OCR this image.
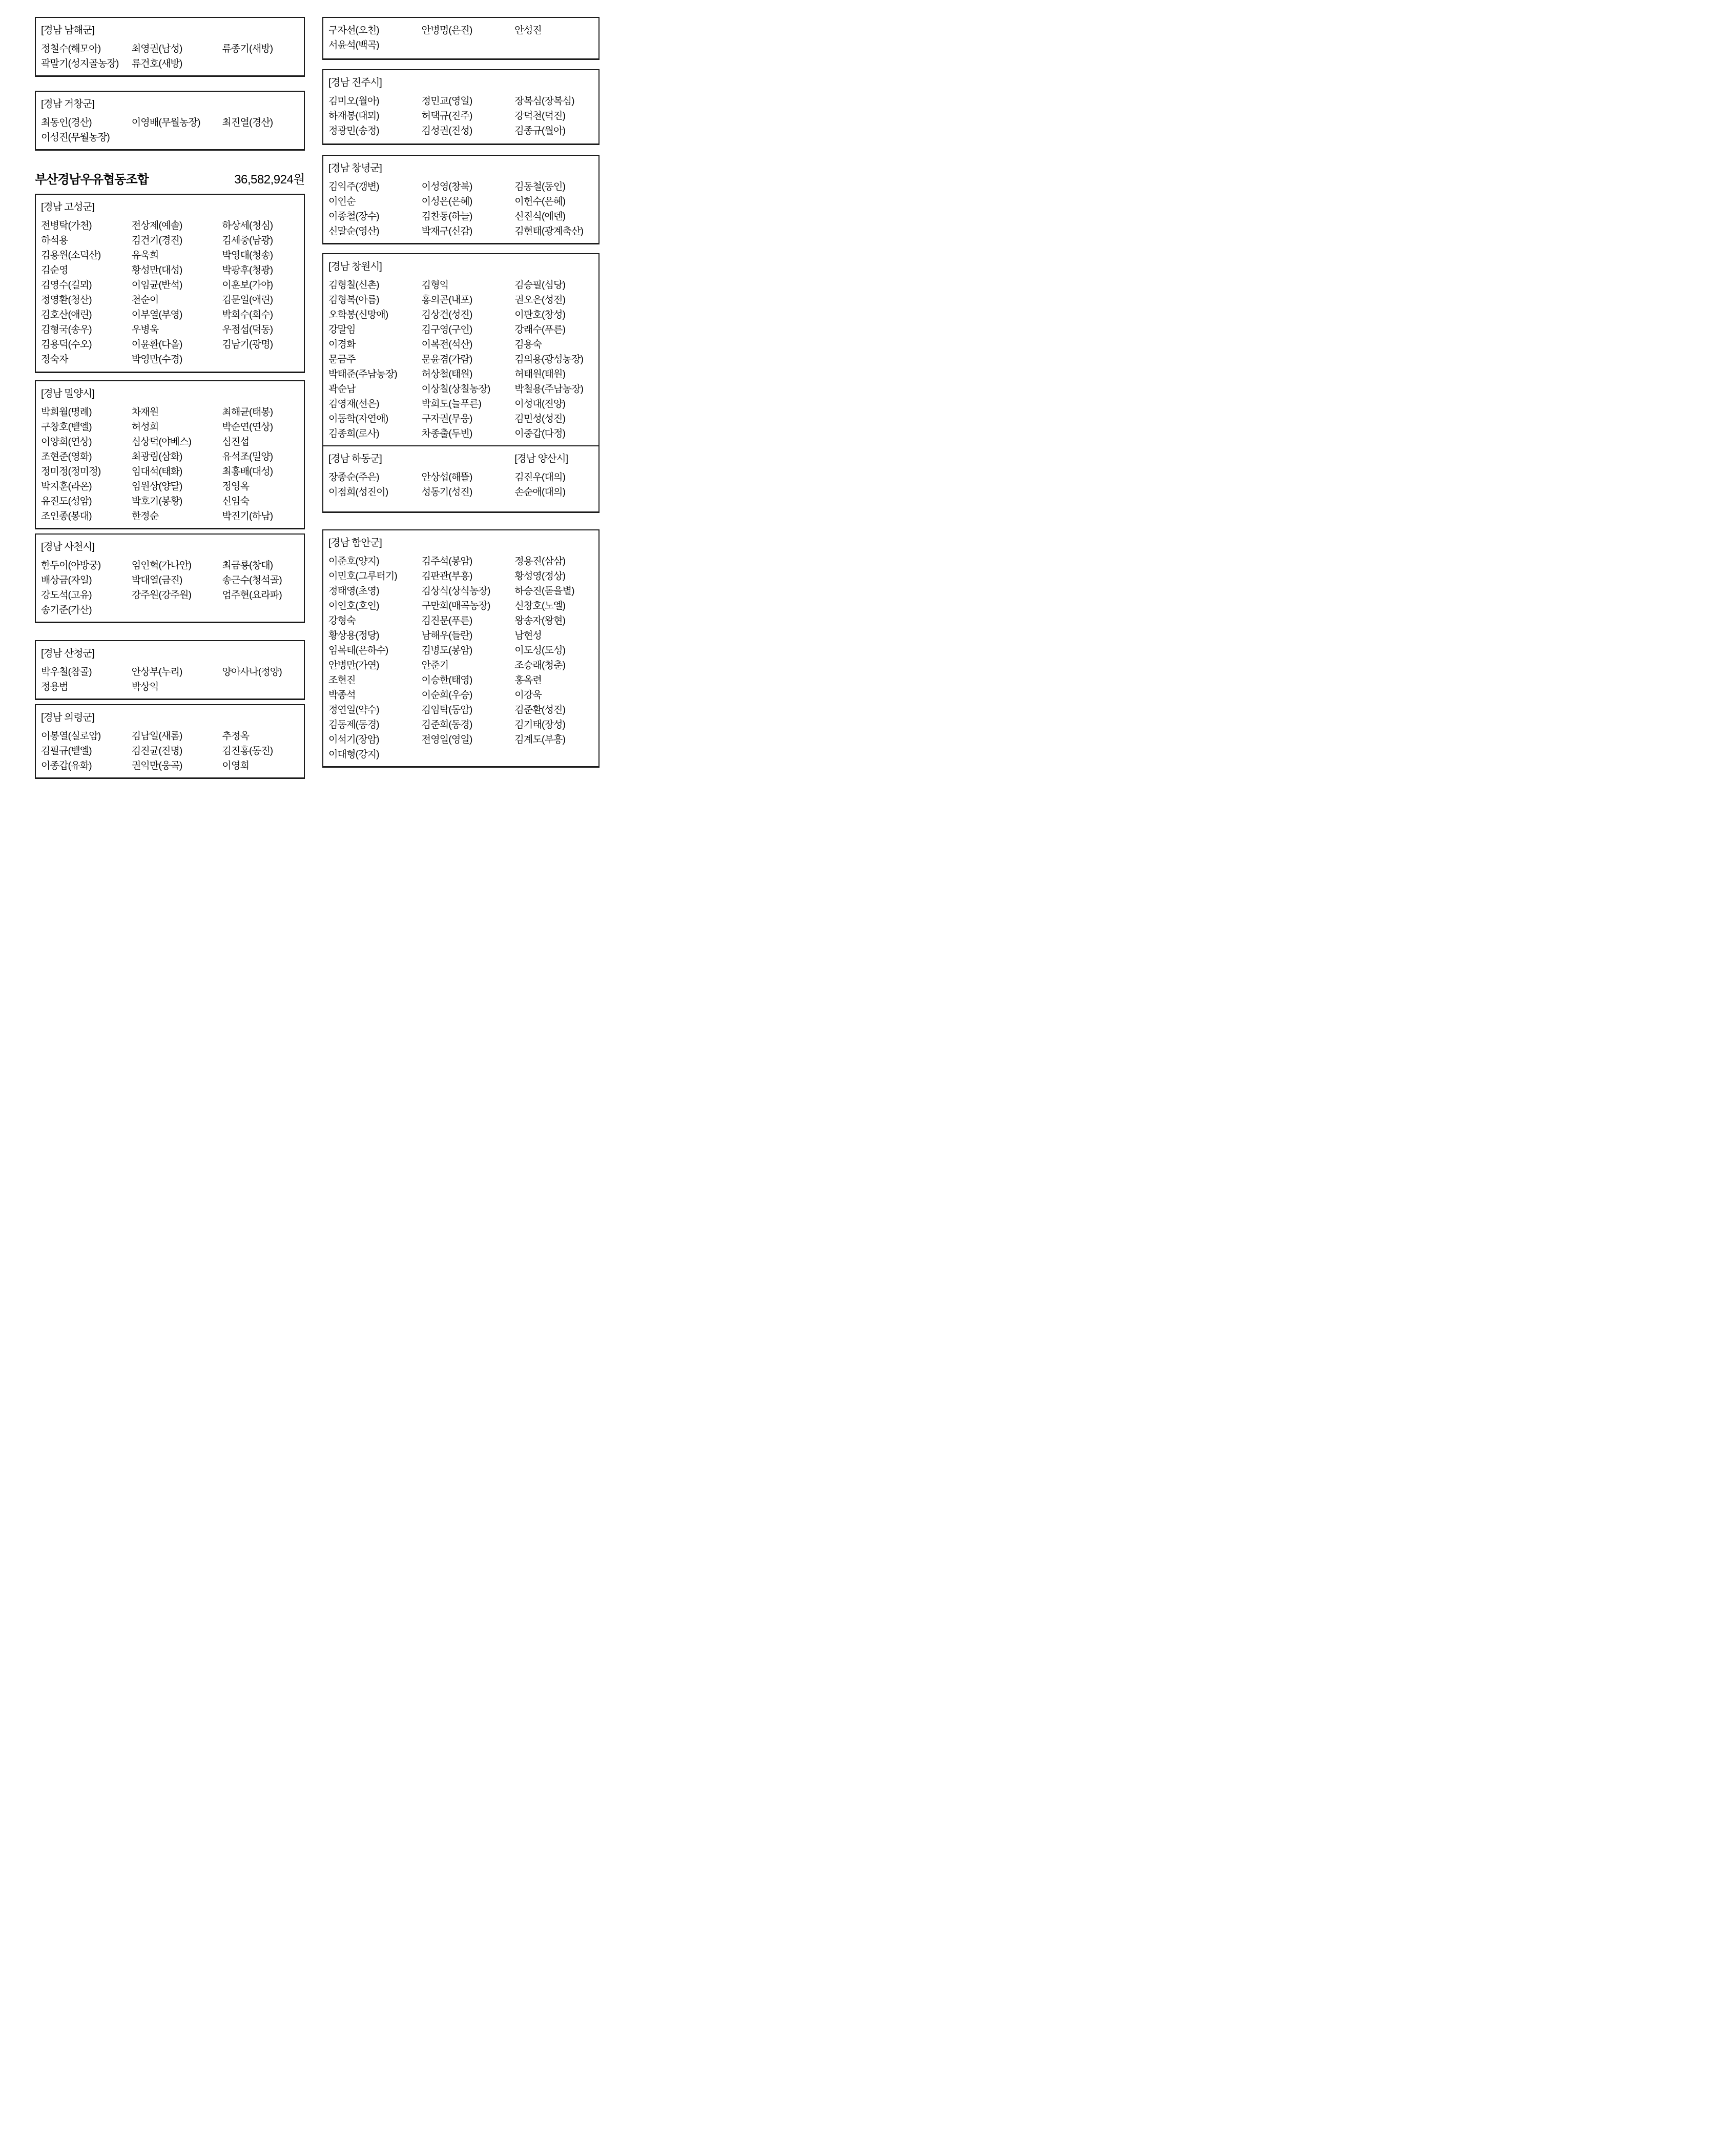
부산경남우유협동조합	36,582,924원
[경남 남해군]
정철수(해모아)	최영권(남성)	류종기(새방)
곽말기(성지골농장)	류건호(새방)
[경남 거창군]
최동인(경산)	이영배(무월농장)	최진열(경산)
이성진(무월농장)
[경남 고성군]
전병탁(가천)	전상제(예솔)	하상세(청심)
하석용	김건기(경진)	김세중(남광)
김용원(소덕산)	유욱희	박영대(청송)
김순영	황성만(대성)	박광후(청광)
김영수(길뫼)	이임균(반석)	이훈보(가야)
정영환(청산)	천순이	김문일(애린)
김호산(애린)	이부열(부영)	박희수(희수)
김형국(송우)	우병욱	우점섭(덕동)
김용덕(수오)	이윤환(다올)	김남기(광명)
정숙자	박영만(수경)
[경남 밀양시]
박희월(명례)	차재원	최해균(태봉)
구창호(벧엘)	허성희	박순연(연상)
이양희(연상)	심상덕(야베스)	심진섭
조현준(영화)	최광림(삼화)	유석조(밀양)
정미정(정미정)	임대석(태화)	최홍배(대성)
박지훈(라온)	임원상(양달)	정영옥
유진도(성암)	박호기(봉황)	신임숙
조인종(봉대)	한정순	박진기(하남)
[경남 사천시]
한두이(아방궁)	엄인혁(가나안)	최금룡(창대)
배상금(자일)	박대열(금진)	송근수(청석골)
강도석(고유)	강주원(강주원)	엄주현(요라파)
송기준(가산)
[경남 산청군]
박우철(참골)	안상부(누리)	양아사나(정양)
정용범	박상익
[경남 의령군]
이봉열(실로암)	김남일(새롬)	추정옥
김필규(벧엘)	김진균(진명)	김진홍(동진)
이종갑(유화)	권익만(웅곡)	이영희
구자선(오천)	안병명(은진)	안성진
서윤석(백곡)
[경남 진주시]
김미오(월아)	정민교(영일)	장복심(장복심)
하재봉(대뫼)	허택규(진주)	강덕천(덕진)
정광민(송정)	김성권(진성)	김종규(월아)
[경남 창녕군]
김익주(갱변)	이성영(창북)	김동철(동인)
이인순	이성은(은혜)	이헌수(은혜)
이종철(장수)	김찬동(하늘)	신진식(에덴)
신말순(영산)	박재구(신감)	김현태(광계축산)
[경남 창원시]
김형칠(신촌)	김형익	김승필(심당)
김형복(아름)	홍의곤(내포)	권오은(성전)
오학봉(신망애)	김상건(성진)	이판호(창성)
강말임	김구영(구인)	강래수(푸른)
이경화	이복전(석산)	김용숙
문금주	문윤겸(가람)	김의용(광성농장)
박태준(주남농장)	허상철(태원)	허태원(태원)
곽순남	이상칠(상칠농장)	박철용(주남농장)
김영재(선은)	박희도(늘푸른)	이성대(진양)
이동학(자연애)	구자권(무웅)	김민성(성진)
김종희(로사)	차종출(두빈)	이중갑(다정)
[경남 하동군]	[경남 양산시]
장종순(주은)	안상섭(해뜰)	김진우(대의)
이점희(성진이)	성동기(성진)	손순애(대의)
[경남 함안군]
이준호(양지)	김주석(봉암)	정용진(삼삼)
이민호(그루터기)	김판관(부흥)	황성영(정상)
정태영(초영)	김상식(상식농장)	하승진(돋을볕)
이인호(호인)	구만회(매곡농장)	신창호(노엘)
강형숙	김진문(푸른)	왕송자(왕현)
황상용(정당)	남해우(들란)	남현성
임복태(은하수)	김병도(봉암)	이도성(도성)
안병만(가연)	안준기	조승래(청춘)
조현진	이승한(태영)	홍옥련
박종석	이순희(우승)	이강욱
정연일(약수)	김임탁(동암)	김준환(성진)
김동제(동경)	김준희(동경)	김기태(장성)
이석기(장암)	전영일(영일)	김계도(부흥)
이대형(강지)
